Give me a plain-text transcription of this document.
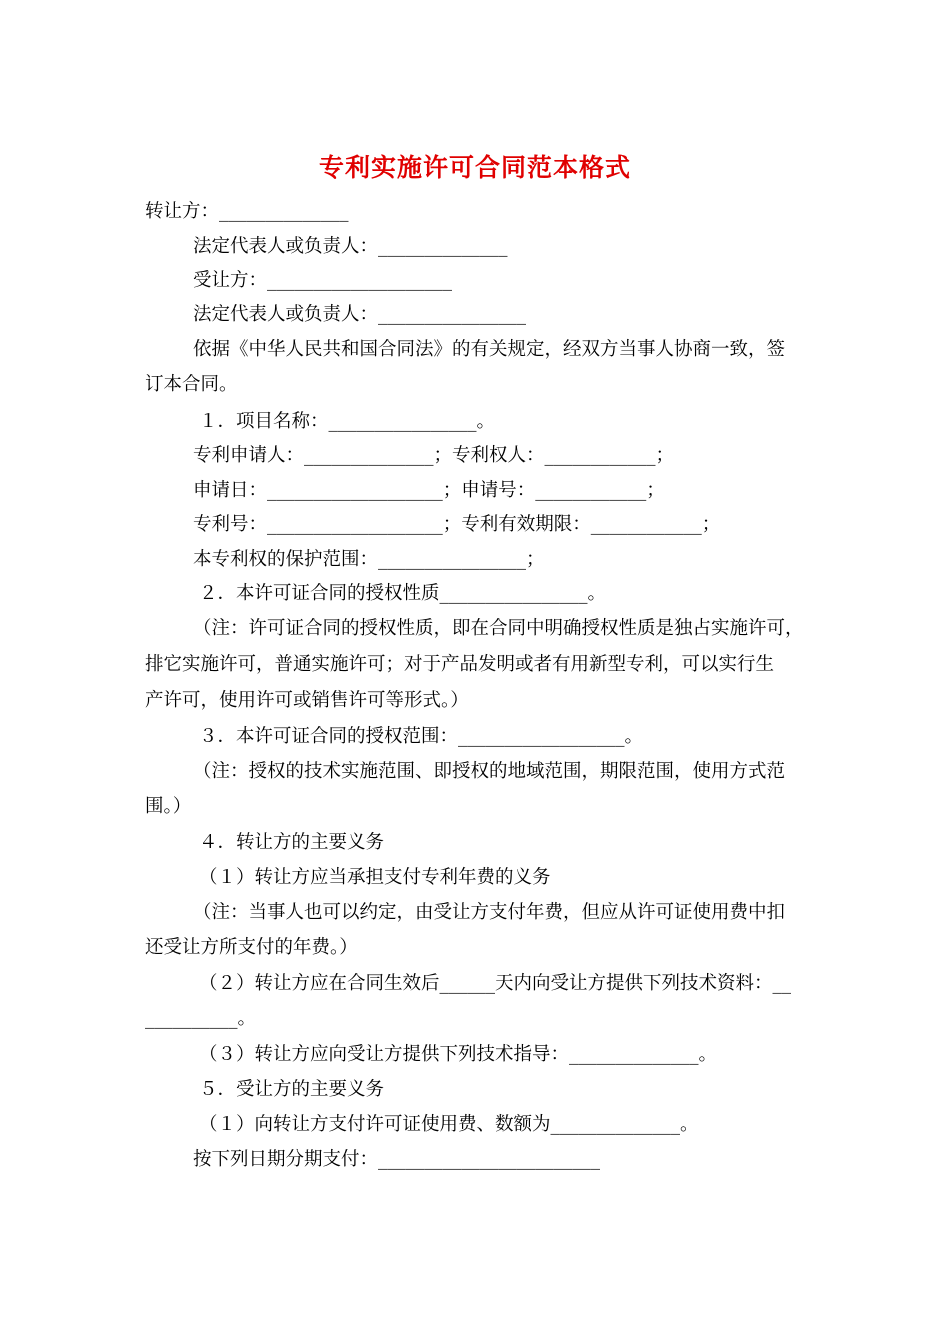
专利实施许可合同范本格式
转让方：______________
法定代表人或负责人：______________
受让方：____________________
法定代表人或负责人：________________
依据《中华人民共和国合同法》的有关规定，经双方当事人协商一致，签
订本合同。
１．项目名称：________________。
专利申请人：______________；专利权人：____________；
申请日：___________________；申请号：____________；
专利号：___________________；专利有效期限：____________；
本专利权的保护范围：________________；
２．本许可证合同的授权性质________________。
（注：许可证合同的授权性质，即在合同中明确授权性质是独占实施许可，
排它实施许可，普通实施许可；对于产品发明或者有用新型专利，可以实行生
产许可，使用许可或销售许可等形式。）
３．本许可证合同的授权范围：__________________。
（注：授权的技术实施范围、即授权的地域范围，期限范围，使用方式范
围。）
４．转让方的主要义务
（１）转让方应当承担支付专利年费的义务
（注：当事人也可以约定，由受让方支付年费，但应从许可证使用费中扣
还受让方所支付的年费。）
（２）转让方应在合同生效后______天内向受让方提供下列技术资料：__
__________。
（３）转让方应向受让方提供下列技术指导：______________。
５．受让方的主要义务
（１）向转让方支付许可证使用费、数额为______________。
按下列日期分期支付：________________________
